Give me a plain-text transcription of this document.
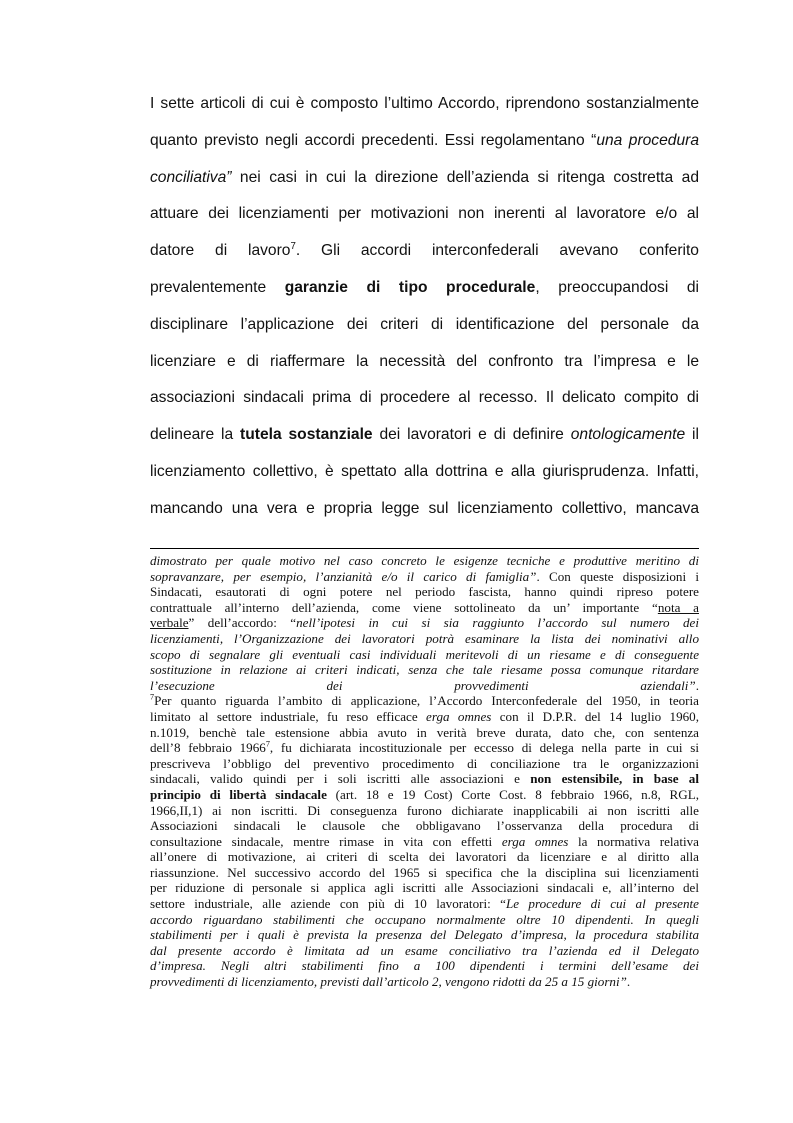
I sette articoli di cui è composto l’ultimo Accordo, riprendono sostanzialmente
quanto previsto negli accordi precedenti. Essi regolamentano “una procedura
conciliativa” nei casi in cui la direzione dell’azienda si ritenga costretta ad
attuare dei licenziamenti per motivazioni non inerenti al lavoratore e/o al
datore di lavoro$^7$. Gli accordi interconfederali avevano conferito
prevalentemente garanzie di tipo procedurale, preoccupandosi di
disciplinare l’applicazione dei criteri di identificazione del personale da
licenziare e di riaffermare la necessità del confronto tra l’impresa e le
associazioni sindacali prima di procedere al recesso. Il delicato compito di
delineare la tutela sostanziale dei lavoratori e di definire ontologicamente il
licenziamento collettivo, è spettato alla dottrina e alla giurisprudenza. Infatti,
mancando una vera e propria legge sul licenziamento collettivo, mancava
dimostrato per quale motivo nel caso concreto le esigenze tecniche e produttive meritino di
sopravanzare, per esempio, l’anzianità e/o il carico di famiglia”. Con queste disposizioni i
Sindacati, esautorati di ogni potere nel periodo fascista, hanno quindi ripreso potere
contrattuale all’interno dell’azienda, come viene sottolineato da un’ importante “nota a
verbale” dell’accordo: “nell’ipotesi in cui si sia raggiunto l’accordo sul numero dei
licenziamenti, l’Organizzazione dei lavoratori potrà esaminare la lista dei nominativi allo
scopo di segnalare gli eventuali casi individuali meritevoli di un riesame e di conseguente
sostituzione in relazione ai criteri indicati, senza che tale riesame possa comunque ritardare
l’esecuzione dei provvedimenti aziendali”.
$^7$Per quanto riguarda l’ambito di applicazione, l’Accordo Interconfederale del 1950, in teoria
limitato al settore industriale, fu reso efficace erga omnes con il D.P.R. del 14 luglio 1960,
n.1019, benchè tale estensione abbia avuto in verità breve durata, dato che, con sentenza
dell’8 febbraio 1966$^7$, fu dichiarata incostituzionale per eccesso di delega nella parte in cui si
prescriveva l’obbligo del preventivo procedimento di conciliazione tra le organizzazioni
sindacali, valido quindi per i soli iscritti alle associazioni e non estensibile, in base al
principio di libertà sindacale (art. 18 e 19 Cost) Corte Cost. 8 febbraio 1966, n.8, RGL,
1966,II,1) ai non iscritti. Di conseguenza furono dichiarate inapplicabili ai non iscritti alle
Associazioni sindacali le clausole che obbligavano l’osservanza della procedura di
consultazione sindacale, mentre rimase in vita con effetti erga omnes la normativa relativa
all’onere di motivazione, ai criteri di scelta dei lavoratori da licenziare e al diritto alla
riassunzione. Nel successivo accordo del 1965 si specifica che la disciplina sui licenziamenti
per riduzione di personale si applica agli iscritti alle Associazioni sindacali e, all’interno del
settore industriale, alle aziende con più di 10 lavoratori: “Le procedure di cui al presente
accordo riguardano stabilimenti che occupano normalmente oltre 10 dipendenti. In quegli
stabilimenti per i quali è prevista la presenza del Delegato d’impresa, la procedura stabilita
dal presente accordo è limitata ad un esame conciliativo tra l’azienda ed il Delegato
d’impresa. Negli altri stabilimenti fino a 100 dipendenti i termini dell’esame dei
provvedimenti di licenziamento, previsti dall’articolo 2, vengono ridotti da 25 a 15 giorni”.
